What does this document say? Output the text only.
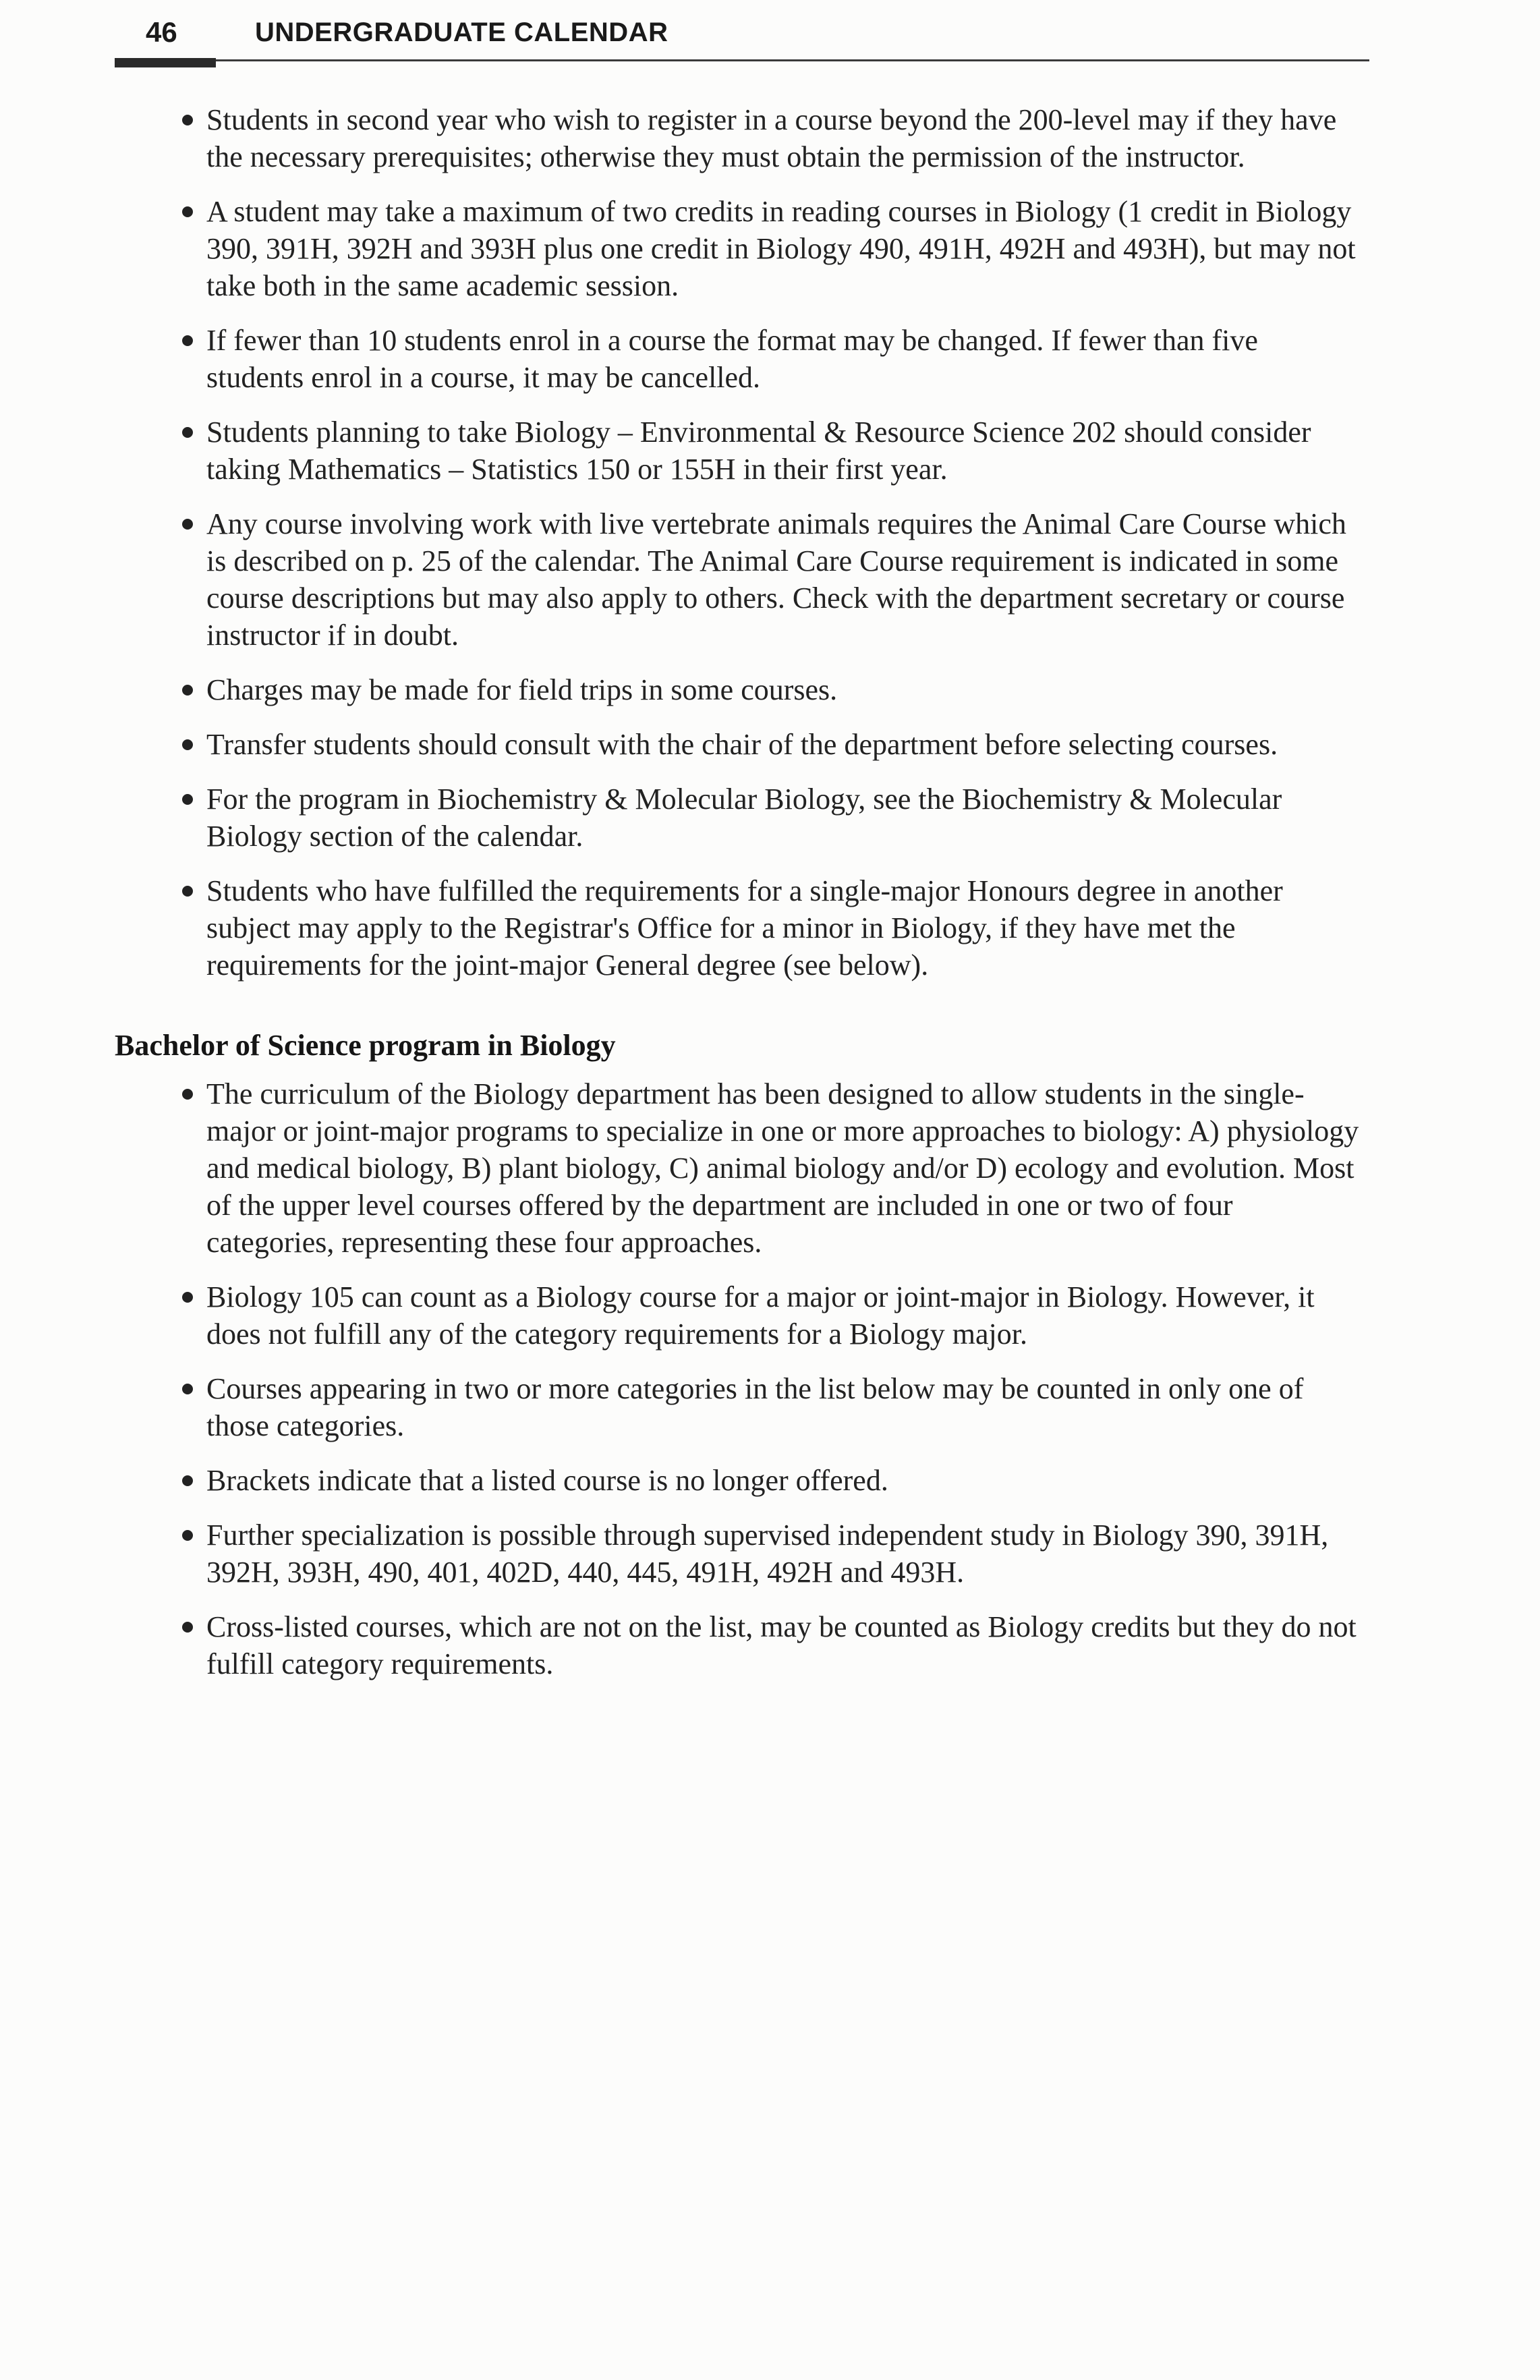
46	UNDERGRADUATE CALENDAR
Students in second year who wish to register in a course beyond the 200-level may if they have the necessary prerequisites; otherwise they must obtain the permission of the instructor.
A student may take a maximum of two credits in reading courses in Biology (1 credit in Biology 390, 391H, 392H and 393H plus one credit in Biology 490, 491H, 492H and 493H), but may not take both in the same academic session.
If fewer than 10 students enrol in a course the format may be changed. If fewer than five students enrol in a course, it may be cancelled.
Students planning to take Biology – Environmental & Resource Science 202 should consider taking Mathematics – Statistics 150 or 155H in their first year.
Any course involving work with live vertebrate animals requires the Animal Care Course which is described on p. 25 of the calendar. The Animal Care Course requirement is indicated in some course descriptions but may also apply to others. Check with the department secretary or course instructor if in doubt.
Charges may be made for field trips in some courses.
Transfer students should consult with the chair of the department before selecting courses.
For the program in Biochemistry & Molecular Biology, see the Biochemistry & Molecular Biology section of the calendar.
Students who have fulfilled the requirements for a single-major Honours degree in another subject may apply to the Registrar's Office for a minor in Biology, if they have met the requirements for the joint-major General degree (see below).
Bachelor of Science program in Biology
The curriculum of the Biology department has been designed to allow students in the single-major or joint-major programs to specialize in one or more approaches to biology: A) physiology and medical biology, B) plant biology, C) animal biology and/or D) ecology and evolution. Most of the upper level courses offered by the department are included in one or two of four categories, representing these four approaches.
Biology 105 can count as a Biology course for a major or joint-major in Biology. However, it does not fulfill any of the category requirements for a Biology major.
Courses appearing in two or more categories in the list below may be counted in only one of those categories.
Brackets indicate that a listed course is no longer offered.
Further specialization is possible through supervised independent study in Biology 390, 391H, 392H, 393H, 490, 401, 402D, 440, 445, 491H, 492H and 493H.
Cross-listed courses, which are not on the list, may be counted as Biology credits but they do not fulfill category requirements.
